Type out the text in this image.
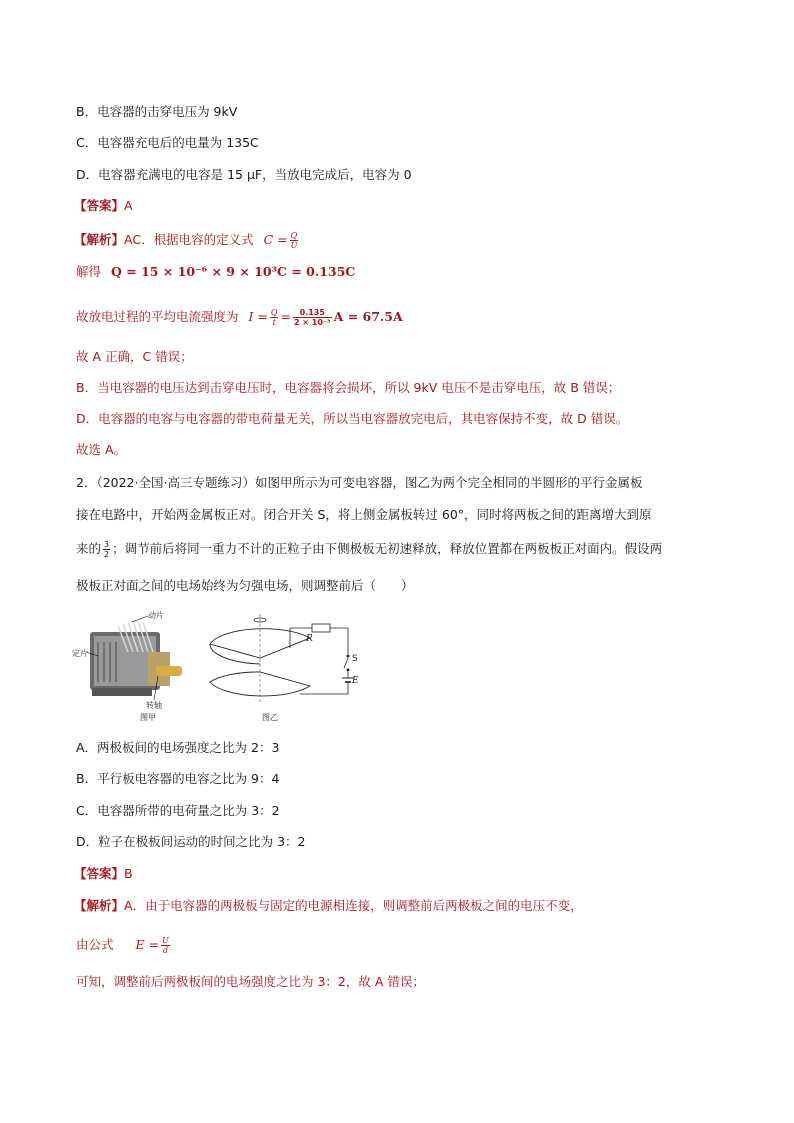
B．电容器的击穿电压为 9kV
C．电容器充电后的电量为 135C
D．电容器充满电的电容是 15 μF，当放电完成后，电容为 0
【答案】A
【解析】AC．根据电容的定义式 $C = \frac{Q}{U}$
解得 Q = 15 × 10⁻⁶ × 9 × 10³C = 0.135C
故放电过程的平均电流强度为 $I = \frac{Q}{t} = \frac{0.135}{\text{2 × 10⁻³}}$ A = 67.5A
故 A 正确，C 错误；
B．当电容器的电压达到击穿电压时，电容器将会损坏，所以 9kV 电压不是击穿电压，故 B 错误；
D．电容器的电容与电容器的带电荷量无关，所以当电容器放完电后，其电容保持不变，故 D 错误。
故选 A。
2．（2022·全国·高三专题练习）如图甲所示为可变电容器，图乙为两个完全相同的半圆形的平行金属板
接在电路中，开始两金属板正对。闭合开关 S，将上侧金属板转过 60°，同时将两板之间的距离增大到原
来的 $\frac{3}{2}$ ；调节前后将同一重力不计的正粒子由下侧极板无初速释放，释放位置都在两板板正对面内。假设两
极板正对面之间的电场始终为匀强电场，则调整前后（　　）
动片
定片
转轴
图甲
R
S
E
图乙
A．两极板间的电场强度之比为 2：3
B．平行板电容器的电容之比为 9：4
C．电容器所带的电荷量之比为 3：2
D．粒子在极板间运动的时间之比为 3：2
【答案】B
【解析】A．由于电容器的两极板与固定的电源相连接，则调整前后两极板之间的电压不变，
由公式 $E = \frac{U}{d}$
可知，调整前后两极板间的电场强度之比为 3：2，故 A 错误；
